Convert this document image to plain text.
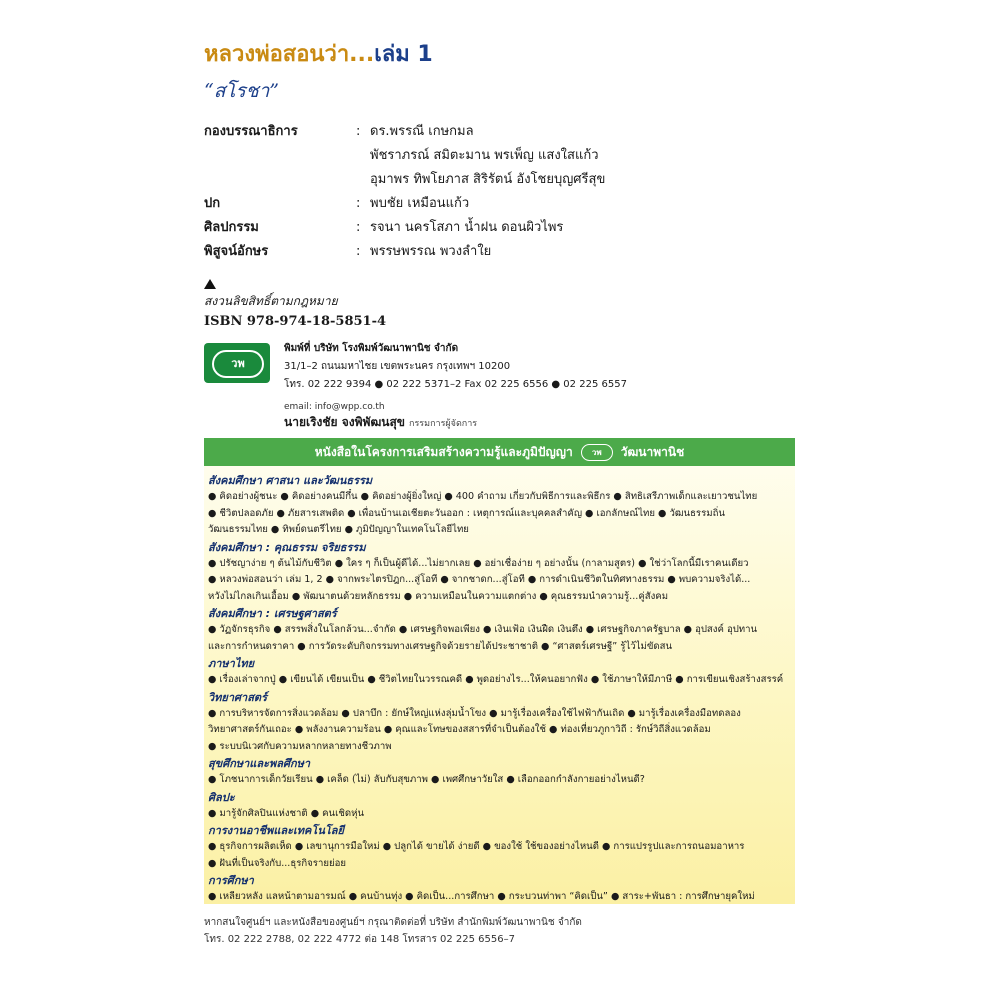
หลวงพ่อสอนว่า...เล่ม 1
“สโรชา”
กองบรรณาธิการ	: ดร.พรรณี เกษกมล
พัชราภรณ์ สมิตะมาน พรเพ็ญ แสงใสแก้ว
อุมาพร ทิพโยภาส สิริรัตน์ อังโชยบุญศรีสุข
ปก	: พบชัย เหมือนแก้ว
ศิลปกรรม	: รจนา นครโสภา น้ำฝน ดอนผิวไพร
พิสูจน์อักษร	: พรรษพรรณ พวงลำใย
สงวนลิขสิทธิ์ตามกฎหมาย
ISBN 978-974-18-5851-4
วพ
พิมพ์ที่ บริษัท โรงพิมพ์วัฒนาพานิช จำกัด
31/1–2 ถนนมหาไชย เขตพระนคร กรุงเทพฯ 10200
โทร. 02 222 9394 ● 02 222 5371–2 Fax 02 225 6556 ● 02 225 6557
email: info@wpp.co.th
นายเริงชัย จงพิพัฒนสุข กรรมการผู้จัดการ
หนังสือในโครงการเสริมสร้างความรู้และภูมิปัญญา	วพ	วัฒนาพานิช
สังคมศึกษา ศาสนา และวัฒนธรรม
● คิดอย่างผู้ชนะ ● คิดอย่างคนมีกึ๋น ● คิดอย่างผู้ยิ่งใหญ่ ● 400 คำถาม เกี่ยวกับพิธีการและพิธีกร ● สิทธิเสรีภาพเด็กและเยาวชนไทย
● ชีวิตปลอดภัย ● ภัยสารเสพติด ● เพื่อนบ้านเอเชียตะวันออก : เหตุการณ์และบุคคลสำคัญ ● เอกลักษณ์ไทย ● วัฒนธรรมถิ่น
วัฒนธรรมไทย ● ทิพย์ดนตรีไทย ● ภูมิปัญญาในเทคโนโลยีไทย
สังคมศึกษา : คุณธรรม จริยธรรม
● ปรัชญาง่าย ๆ ต้นไม้กับชีวิต ● ใคร ๆ ก็เป็นผู้ดีได้...ไม่ยากเลย ● อย่าเชื่อง่าย ๆ อย่างนั้น (กาลามสูตร) ● ใช่ว่าโลกนี้มีเราคนเดียว
● หลวงพ่อสอนว่า เล่ม 1, 2 ● จากพระไตรปิฎก...สู่โอที ● จากชาดก...สู่โอที ● การดำเนินชีวิตในทิศทางธรรม ● พบความจริงได้...
หวังไม่ไกลเกินเอื้อม ● พัฒนาตนด้วยหลักธรรม ● ความเหมือนในความแตกต่าง ● คุณธรรมนำความรู้...คู่สังคม
สังคมศึกษา : เศรษฐศาสตร์
● วัฏจักรธุรกิจ ● สรรพสิ่งในโลกล้วน...จำกัด ● เศรษฐกิจพอเพียง ● เงินเฟ้อ เงินฝืด เงินตึง ● เศรษฐกิจภาครัฐบาล ● อุปสงค์ อุปทาน
และการกำหนดราคา ● การวัดระดับกิจกรรมทางเศรษฐกิจด้วยรายได้ประชาชาติ ● “ศาสตร์เศรษฐี” รู้ไว้ไม่ขัดสน
ภาษาไทย
● เรื่องเล่าจากปู่ ● เขียนได้ เขียนเป็น ● ชีวิตไทยในวรรณคดี ● พูดอย่างไร...ให้คนอยากฟัง ● ใช้ภาษาให้มีภาษี ● การเขียนเชิงสร้างสรรค์
วิทยาศาสตร์
● การบริหารจัดการสิ่งแวดล้อม ● ปลาบึก : ยักษ์ใหญ่แห่งลุ่มน้ำโขง ● มารู้เรื่องเครื่องใช้ไฟฟ้ากันเถิด ● มารู้เรื่องเครื่องมือทดลอง
วิทยาศาสตร์กันเถอะ ● พลังงานความร้อน ● คุณและโทษของสสารที่จำเป็นต้องใช้ ● ท่องเที่ยวภูกาวิถี : รักษ์วิถีสิ่งแวดล้อม
● ระบบนิเวศกับความหลากหลายทางชีวภาพ
สุขศึกษาและพลศึกษา
● โภชนาการเด็กวัยเรียน ● เคล็ด (ไม่) ลับกับสุขภาพ ● เพศศึกษาวัยใส ● เลือกออกกำลังกายอย่างไหนดี?
ศิลปะ
● มารู้จักศิลปินแห่งชาติ ● คนเชิดหุ่น
การงานอาชีพและเทคโนโลยี
● ธุรกิจการผลิตเห็ด ● เลขานุการมือใหม่ ● ปลูกได้ ขายได้ ง่ายดี ● ของใช้ ใช้ของอย่างไหนดี ● การแปรรูปและการถนอมอาหาร
● ฝันที่เป็นจริงกับ...ธุรกิจรายย่อย
การศึกษา
● เหลียวหลัง แลหน้าตามอารมณ์ ● คนบ้านทุ่ง ● คิดเป็น...การศึกษา ● กระบวนท่าพา “คิดเป็น” ● สาระ+พันธา : การศึกษายุคใหม่
หากสนใจศูนย์ฯ และหนังสือของศูนย์ฯ กรุณาติดต่อที่ บริษัท สำนักพิมพ์วัฒนาพานิช จำกัด
โทร. 02 222 2788, 02 222 4772 ต่อ 148 โทรสาร 02 225 6556–7
